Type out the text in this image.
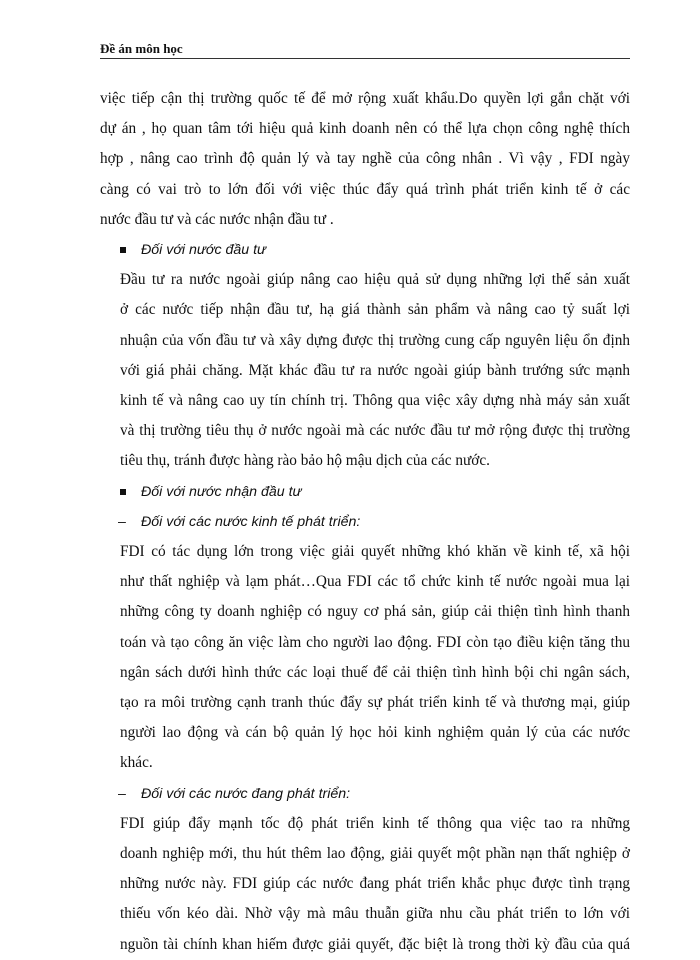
Đề án môn học
việc tiếp cận thị trường quốc tế để mở rộng xuất khẩu.Do quyền lợi gắn chặt với
dự án , họ quan tâm tới hiệu quả kinh doanh nên có thể lựa chọn công nghệ thích
hợp , nâng cao trình độ quản lý và tay nghề của công nhân . Vì vậy , FDI ngày
càng có vai trò to lớn đối với việc thúc đẩy quá trình phát triển kinh tế ở các
nước đầu tư và các nước nhận đầu tư .
Đối với nước đầu tư
Đầu tư ra nước ngoài giúp nâng cao hiệu quả sử dụng những lợi thế sản xuất
ở các nước tiếp nhận đầu tư, hạ giá thành sản phẩm và nâng cao tỷ suất lợi
nhuận của vốn đầu tư và xây dựng được thị trường cung cấp nguyên liệu ổn định
với giá phải chăng. Mặt khác đầu tư ra nước ngoài giúp bành trướng sức mạnh
kinh tế và nâng cao uy tín chính trị. Thông qua việc xây dựng nhà máy sản xuất
và thị trường tiêu thụ ở nước ngoài mà các nước đầu tư mở rộng được thị trường
tiêu thụ, tránh được hàng rào bảo hộ mậu dịch của các nước.
Đối với nước nhận đầu tư
– Đối với các nước kinh tế phát triển:
FDI có tác dụng lớn trong việc giải quyết những khó khăn về kinh tế, xã hội
như thất nghiệp và lạm phát…Qua FDI các tổ chức kinh tế nước ngoài mua lại
những công ty doanh nghiệp có nguy cơ phá sản, giúp cải thiện tình hình thanh
toán và tạo công ăn việc làm cho người lao động. FDI còn tạo điều kiện tăng thu
ngân sách dưới hình thức các loại thuế để cải thiện tình hình bội chi ngân sách,
tạo ra môi trường cạnh tranh thúc đẩy sự phát triển kinh tế và thương mại, giúp
người lao động và cán bộ quản lý học hỏi kinh nghiệm quản lý của các nước
khác.
– Đối với các nước đang phát triển:
FDI giúp đẩy mạnh tốc độ phát triển kinh tế thông qua việc tao ra những
doanh nghiệp mới, thu hút thêm lao động, giải quyết một phần nạn thất nghiệp ở
những nước này. FDI giúp các nước đang phát triển khắc phục được tình trạng
thiếu vốn kéo dài. Nhờ vậy mà mâu thuẫn giữa nhu cầu phát triển to lớn với
nguồn tài chính khan hiếm được giải quyết, đặc biệt là trong thời kỳ đầu của quá
